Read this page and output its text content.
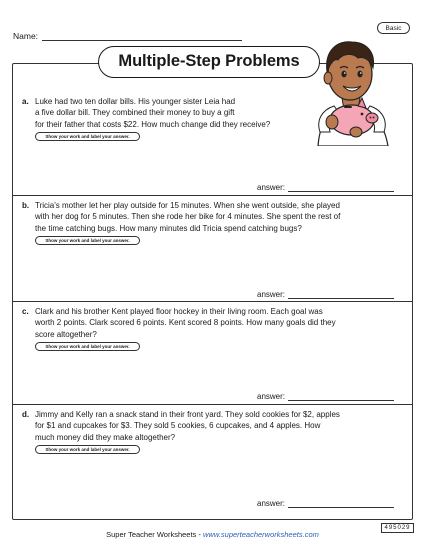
Name:
Basic
Multiple-Step Problems
a. Luke had two ten dollar bills. His younger sister Leia had
a five dollar bill. They combined their money to buy a gift
for their father that costs $22. How much change did they receive?
Show your work and label your answer.
answer:
b. Tricia's mother let her play outside for 15 minutes. When she went outside, she played
with her dog for 5 minutes. Then she rode her bike for 4 minutes. She spent the rest of
the time catching bugs. How many minutes did Tricia spend catching bugs?
Show your work and label your answer.
answer:
c. Clark and his brother Kent played floor hockey in their living room. Each goal was
worth 2 points. Clark scored 6 points. Kent scored 8 points. How many goals did they
score altogether?
Show your work and label your answer.
answer:
d. Jimmy and Kelly ran a snack stand in their front yard. They sold cookies for $2, apples
for $1 and cupcakes for $3. They sold 5 cookies, 6 cupcakes, and 4 apples. How
much money did they make altogether?
Show your work and label your answer.
answer:
Super Teacher Worksheets - www.superteacherworksheets.com
495029
